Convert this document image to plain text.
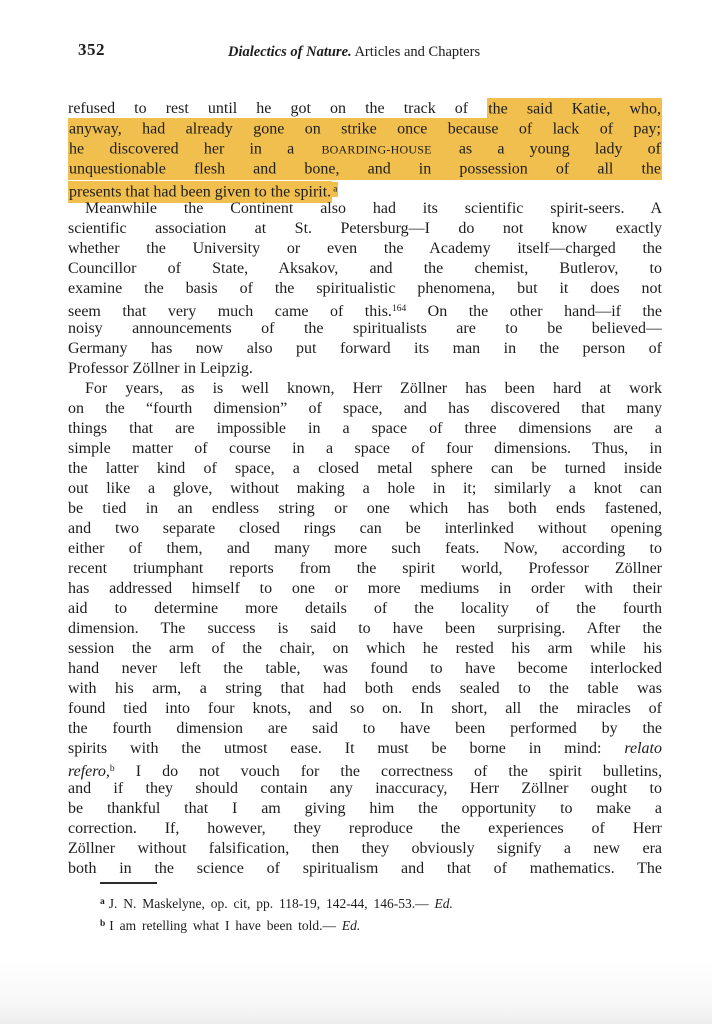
352	Dialectics of Nature. Articles and Chapters
refused to rest until he got on the track of the said Katie, who,
anyway, had already gone on strike once because of lack of pay;
he discovered her in a BOARDING-HOUSE as a young lady of
unquestionable flesh and bone, and in possession of all the
presents that had been given to the spirit. $^a$
Meanwhile the Continent also had its scientific spirit-seers. A
scientific association at St. Petersburg—I do not know exactly
whether the University or even the Academy itself—charged the
Councillor of State, Aksakov, and the chemist, Butlerov, to
examine the basis of the spiritualistic phenomena, but it does not
seem that very much came of this.$^{164}$ On the other hand—if the
noisy announcements of the spiritualists are to be believed—
Germany has now also put forward its man in the person of
Professor Zöllner in Leipzig.
For years, as is well known, Herr Zöllner has been hard at work
on the “fourth dimension” of space, and has discovered that many
things that are impossible in a space of three dimensions are a
simple matter of course in a space of four dimensions. Thus, in
the latter kind of space, a closed metal sphere can be turned inside
out like a glove, without making a hole in it; similarly a knot can
be tied in an endless string or one which has both ends fastened,
and two separate closed rings can be interlinked without opening
either of them, and many more such feats. Now, according to
recent triumphant reports from the spirit world, Professor Zöllner
has addressed himself to one or more mediums in order with their
aid to determine more details of the locality of the fourth
dimension. The success is said to have been surprising. After the
session the arm of the chair, on which he rested his arm while his
hand never left the table, was found to have become interlocked
with his arm, a string that had both ends sealed to the table was
found tied into four knots, and so on. In short, all the miracles of
the fourth dimension are said to have been performed by the
spirits with the utmost ease. It must be borne in mind: relato
refero,$^b$ I do not vouch for the correctness of the spirit bulletins,
and if they should contain any inaccuracy, Herr Zöllner ought to
be thankful that I am giving him the opportunity to make a
correction. If, however, they reproduce the experiences of Herr
Zöllner without falsification, then they obviously signify a new era
both in the science of spiritualism and that of mathematics. The
$^a$ J. N. Maskelyne, op. cit, pp. 118-19, 142-44, 146-53.— Ed.
$^b$ I am retelling what I have been told.— Ed.
